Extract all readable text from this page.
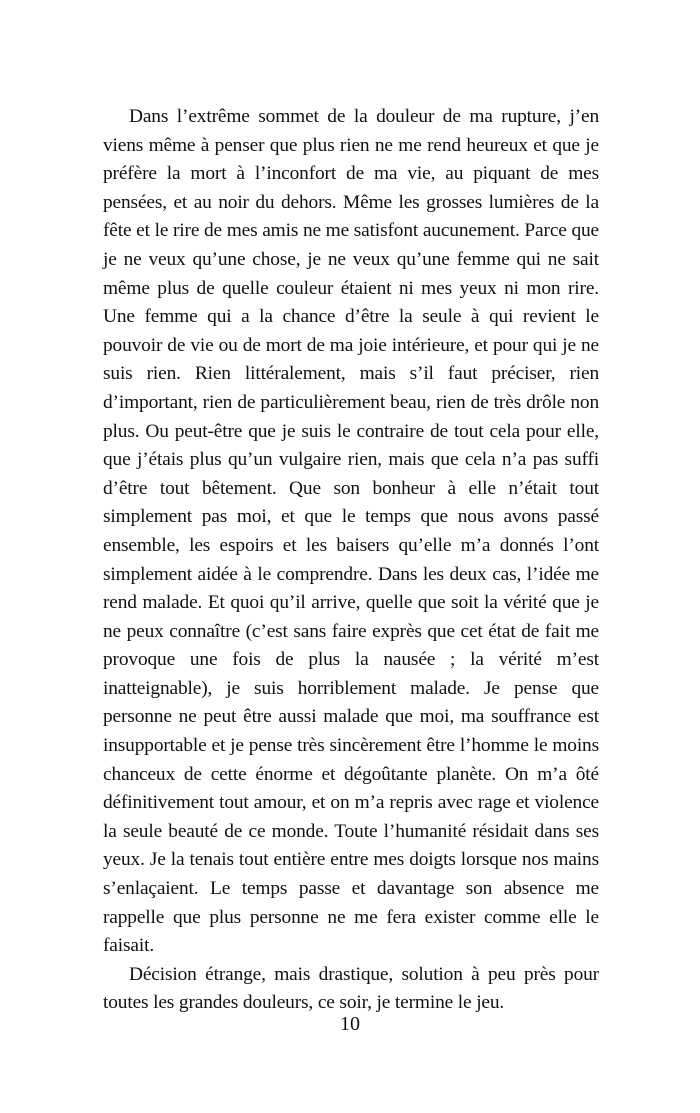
Dans l’extrême sommet de la douleur de ma rupture, j’en viens même à penser que plus rien ne me rend heureux et que je préfère la mort à l’inconfort de ma vie, au piquant de mes pensées, et au noir du dehors. Même les grosses lumières de la fête et le rire de mes amis ne me satisfont aucunement. Parce que je ne veux qu’une chose, je ne veux qu’une femme qui ne sait même plus de quelle couleur étaient ni mes yeux ni mon rire. Une femme qui a la chance d’être la seule à qui revient le pouvoir de vie ou de mort de ma joie intérieure, et pour qui je ne suis rien. Rien littéralement, mais s’il faut préciser, rien d’important, rien de particulièrement beau, rien de très drôle non plus. Ou peut-être que je suis le contraire de tout cela pour elle, que j’étais plus qu’un vulgaire rien, mais que cela n’a pas suffi d’être tout bêtement. Que son bonheur à elle n’était tout simplement pas moi, et que le temps que nous avons passé ensemble, les espoirs et les baisers qu’elle m’a donnés l’ont simplement aidée à le comprendre. Dans les deux cas, l’idée me rend malade. Et quoi qu’il arrive, quelle que soit la vérité que je ne peux connaître (c’est sans faire exprès que cet état de fait me provoque une fois de plus la nausée ; la vérité m’est inatteignable), je suis horriblement malade. Je pense que personne ne peut être aussi malade que moi, ma souffrance est insupportable et je pense très sincèrement être l’homme le moins chanceux de cette énorme et dégoûtante planète. On m’a ôté définitivement tout amour, et on m’a repris avec rage et violence la seule beauté de ce monde. Toute l’humanité résidait dans ses yeux. Je la tenais tout entière entre mes doigts lorsque nos mains s’enlaçaient. Le temps passe et davantage son absence me rappelle que plus personne ne me fera exister comme elle le faisait.

Décision étrange, mais drastique, solution à peu près pour toutes les grandes douleurs, ce soir, je termine le jeu.

10
